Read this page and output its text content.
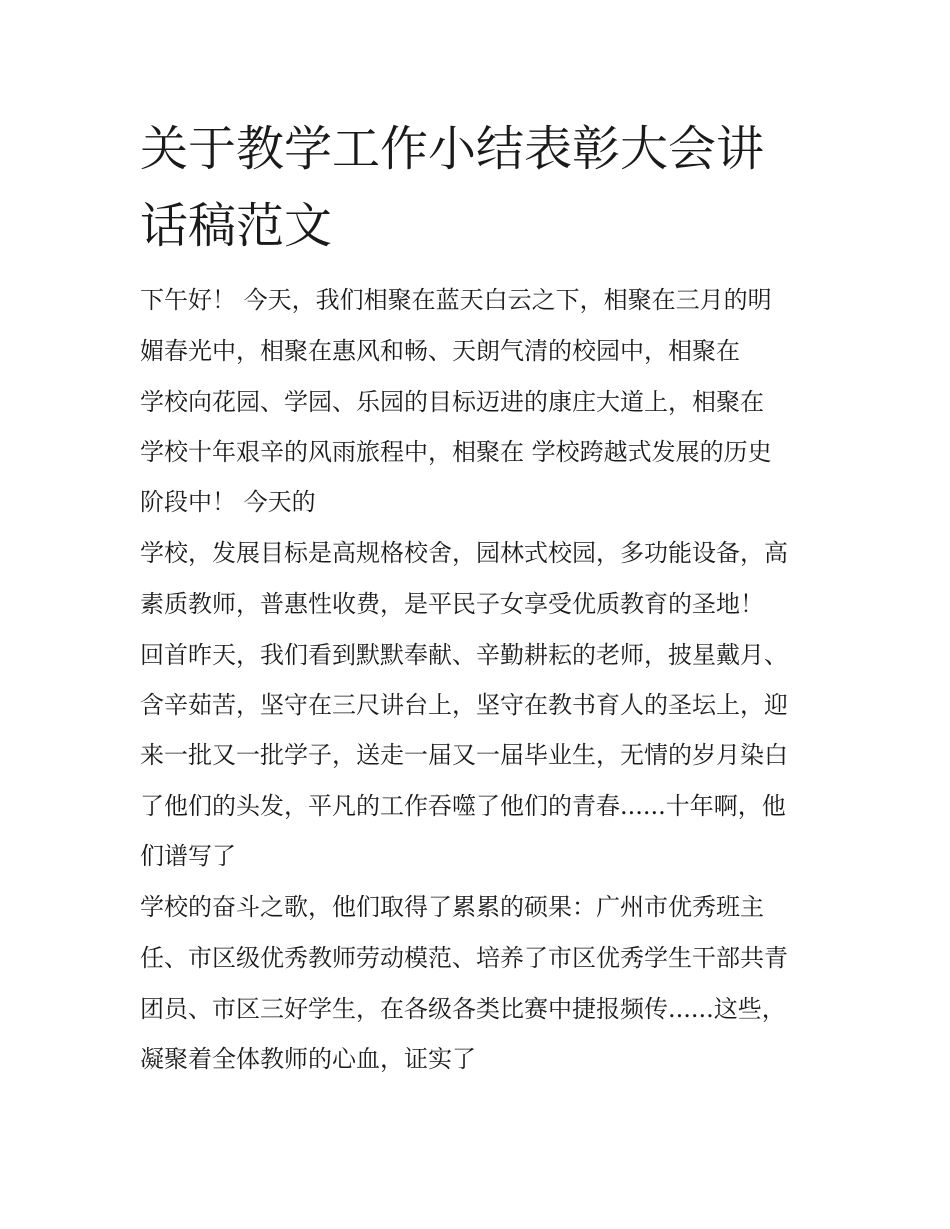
关于教学工作小结表彰大会讲
话稿范文

下午好！ 今天，我们相聚在蓝天白云之下，相聚在三月的明

媚春光中，相聚在惠风和畅、天朗气清的校园中，相聚在

学校向花园、学园、乐园的目标迈进的康庄大道上，相聚在

学校十年艰辛的风雨旅程中，相聚在 学校跨越式发展的历史

阶段中！ 今天的

学校，发展目标是高规格校舍，园林式校园，多功能设备，高

素质教师，普惠性收费，是平民子女享受优质教育的圣地！

回首昨天，我们看到默默奉献、辛勤耕耘的老师，披星戴月、

含辛茹苦，坚守在三尺讲台上，坚守在教书育人的圣坛上，迎

来一批又一批学子，送走一届又一届毕业生，无情的岁月染白

了他们的头发，平凡的工作吞噬了他们的青春......十年啊，他

们谱写了

学校的奋斗之歌，他们取得了累累的硕果：广州市优秀班主

任、市区级优秀教师劳动模范、培养了市区优秀学生干部共青

团员、市区三好学生，在各级各类比赛中捷报频传......这些，

凝聚着全体教师的心血，证实了
